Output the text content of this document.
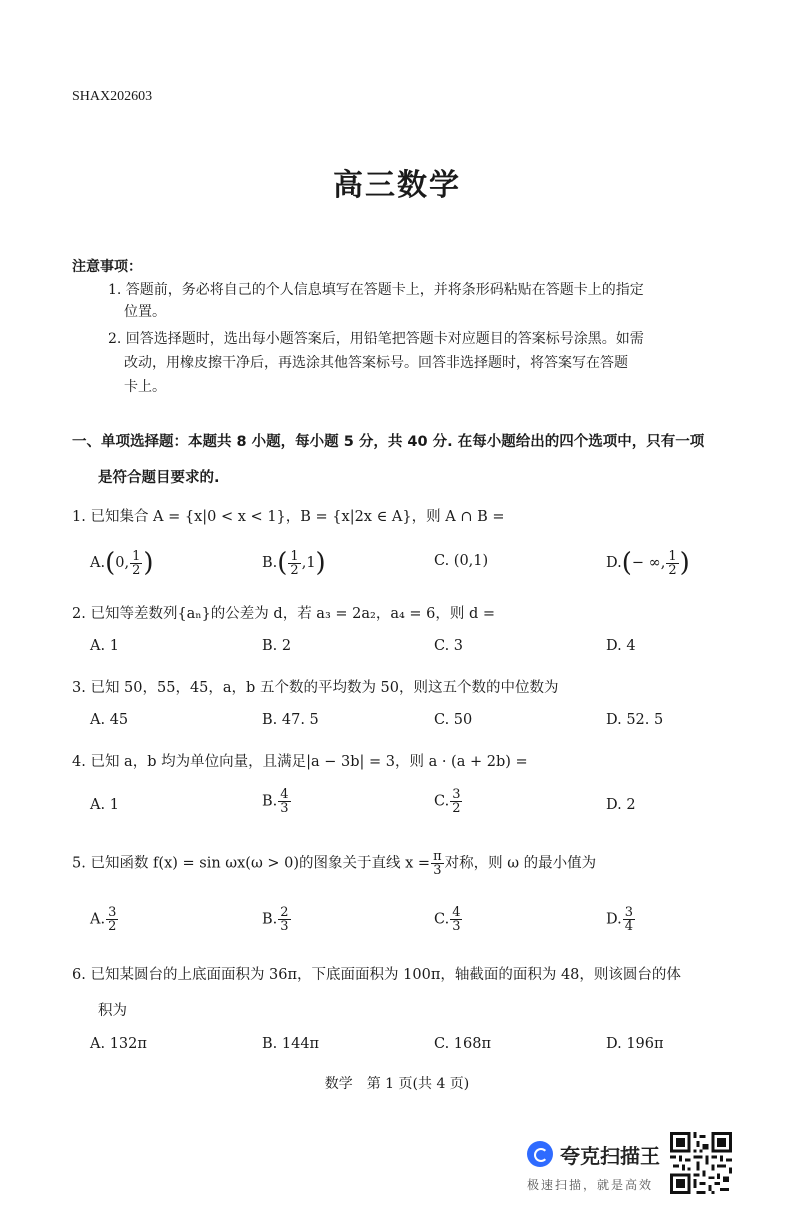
SHAX202603
高三数学
注意事项：
1. 答题前，务必将自己的个人信息填写在答题卡上，并将条形码粘贴在答题卡上的指定
位置。
2. 回答选择题时，选出每小题答案后，用铅笔把答题卡对应题目的答案标号涂黑。如需
改动，用橡皮擦干净后，再选涂其他答案标号。回答非选择题时，将答案写在答题
卡上。
一、单项选择题：本题共 8 小题，每小题 5 分，共 40 分. 在每小题给出的四个选项中，只有一项
是符合题目要求的.
1. 已知集合 A = {x|0 < x < 1}，B = {x|2x ∈ A}，则 A ∩ B =
A.(0, $\frac{1}{2}$ )	$B.( \frac{1}{2} ,1)$	C. (0,1)	D.(− ∞, $\frac{1}{2}$ )
2. 已知等差数列{aₙ}的公差为 d，若 a₃ = 2a₂，a₄ = 6，则 d =
A. 1	B. 2	C. 3	D. 4
3. 已知 50，55，45，a，b 五个数的平均数为 50，则这五个数的中位数为
A. 45	B. 47. 5	C. 50	D. 52. 5
4. 已知 a，b 均为单位向量，且满足|a − 3b| = 3，则 a · (a + 2b) =
A. 1	B. $\frac{4}{3}$	C. $\frac{3}{2}$	D. 2
5. 已知函数 f(x) = sin ωx(ω > 0)的图象关于直线 $x = \frac{\pi}{3}$ 对称，则 ω 的最小值为
A. $\frac{3}{2}$	B. $\frac{2}{3}$	C. $\frac{4}{3}$	D. $\frac{3}{4}$
6. 已知某圆台的上底面面积为 36π，下底面面积为 100π，轴截面的面积为 48，则该圆台的体
积为
A. 132π	B. 144π	C. 168π	D. 196π
数学　第 1 页(共 4 页)
夸克扫描王
极速扫描，就是高效
